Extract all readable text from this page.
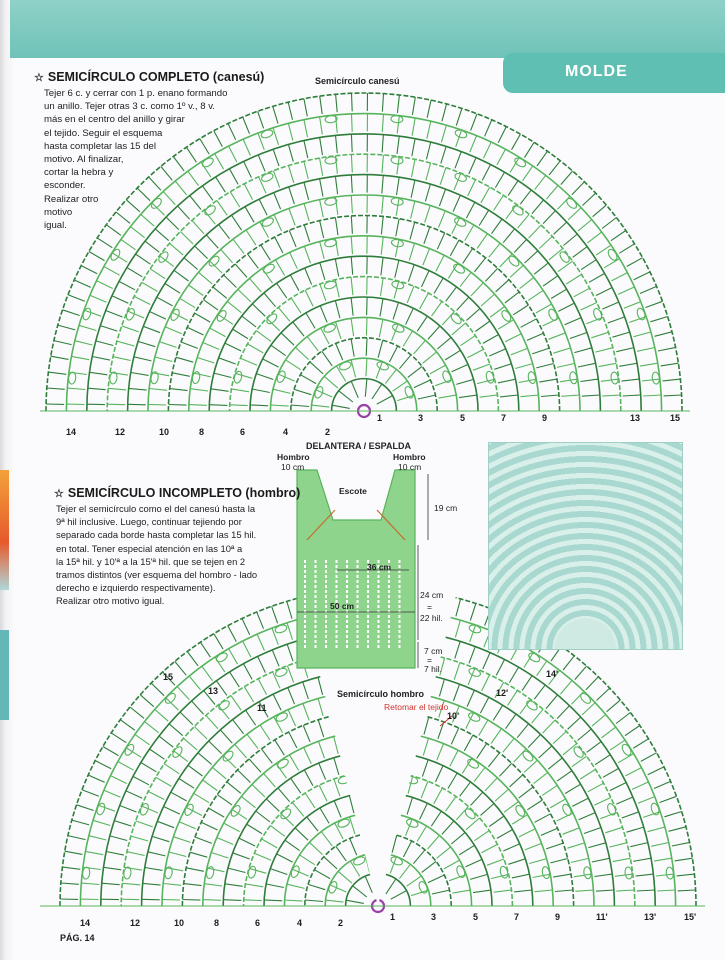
MOLDE
☆ SEMICÍRCULO COMPLETO (canesú)
Tejer 6 c. y cerrar con 1 p. enano formando
un anillo. Tejer otras 3 c. como 1º v., 8 v.
más en el centro del anillo y girar
el tejido. Seguir el esquema
hasta completar las 15 del
motivo. Al finalizar,
cortar la hebra y
esconder.
Realizar otro
motivo
igual.
Semicírculo canesú
14	12	10	8	6	4	2
1	3	5	7	9	13	15
☆ SEMICÍRCULO INCOMPLETO (hombro)
Tejer el semicírculo como el del canesú hasta la
9ª hil inclusive. Luego, continuar tejiendo por
separado cada borde hasta completar las 15 hil.
en total. Tener especial atención en las 10ª a
la 15ª hil. y 10'ª a la 15'ª hil. que se tejen en 2
tramos distintos (ver esquema del hombro - lado
derecho e izquierdo respectivamente).
Realizar otro motivo igual.
DELANTERA / ESPALDA
Hombro
10 cm
Hombro
10 cm
Escote
36 cm
50 cm
19 cm
24 cm
=
22 hil.
7 cm
=
7 hil.
Semicírculo hombro
Retomar el tejido
14	12	10	8	6	4	2
1	3	5	7	9	11'	13'	15'
15
13
11
14'
12'
10'
PÁG. 14
